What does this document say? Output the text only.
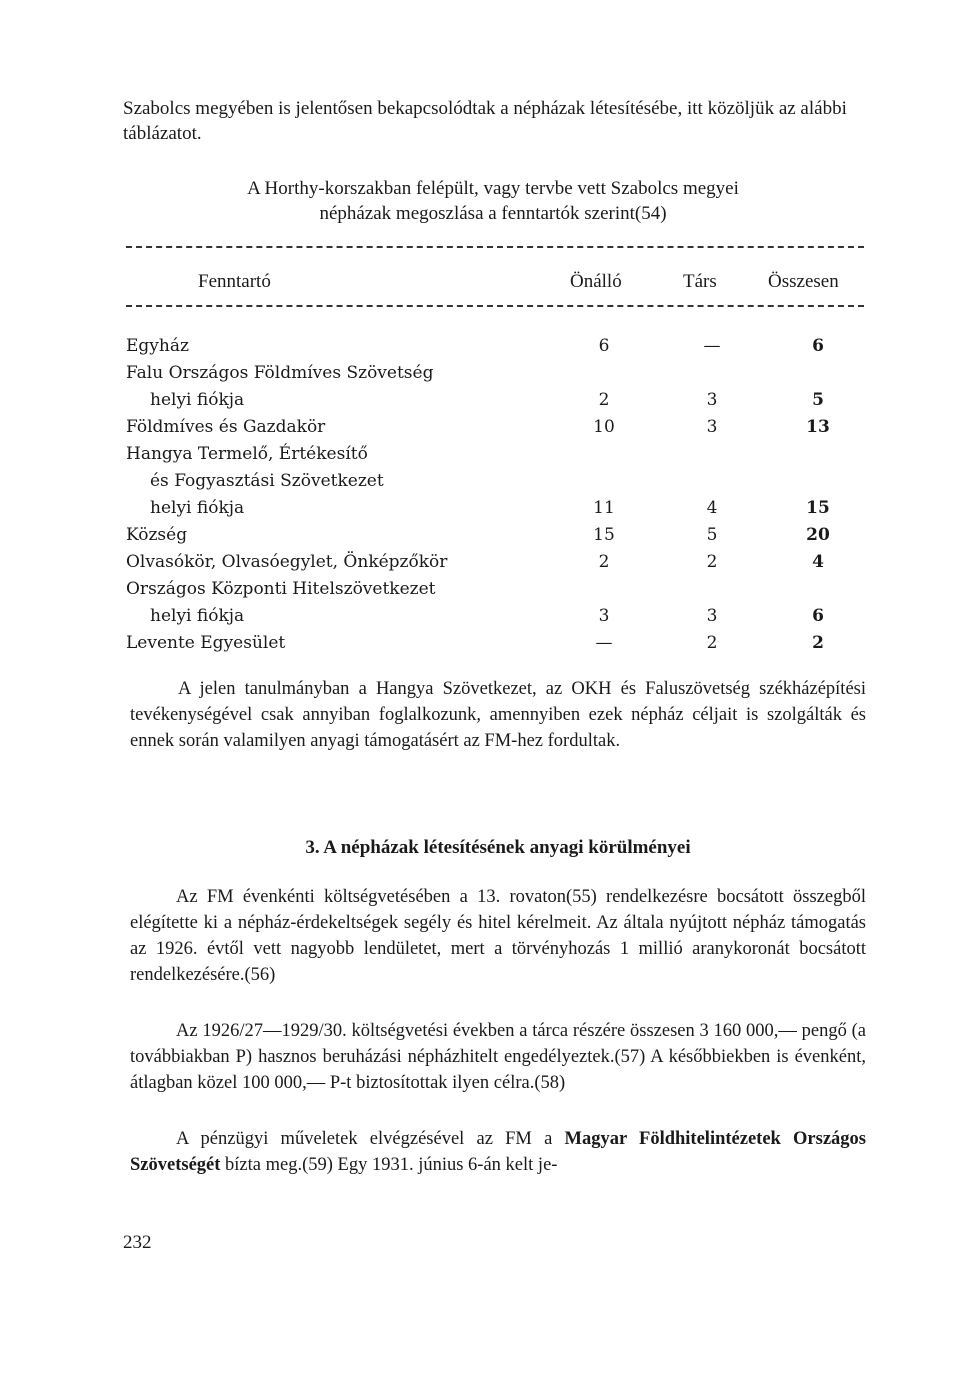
Szabolcs megyében is jelentősen bekapcsolódtak a népházak létesítésébe, itt közöljük az alábbi táblázatot.

A Horthy-korszakban felépült, vagy tervbe vett Szabolcs megyei
népházak megoszlása a fenntartók szerint(54)

Fenntartó	Önálló	Társ	Összesen

Egyház	6	—	6
Falu Országos Földmíves Szövetség
helyi fiókja	2	3	5
Földmíves és Gazdakör	10	3	13
Hangya Termelő, Értékesítő
és Fogyasztási Szövetkezet
helyi fiókja	11	4	15
Község	15	5	20
Olvasókör, Olvasóegylet, Önképzőkör	2	2	4
Országos Központi Hitelszövetkezet
helyi fiókja	3	3	6
Levente Egyesület	—	2	2

A jelen tanulmányban a Hangya Szövetkezet, az OKH és Faluszövetség székházépítési tevékenységével csak annyiban foglalkozunk, amennyiben ezek népház céljait is szolgálták és ennek során valamilyen anyagi támogatásért az FM-hez fordultak.

3. A népházak létesítésének anyagi körülményei

Az FM évenkénti költségvetésében a 13. rovaton(55) rendelkezésre bocsátott összegből elégítette ki a népház-érdekeltségek segély és hitel kérelmeit. Az általa nyújtott népház támogatás az 1926. évtől vett nagyobb lendületet, mert a törvényhozás 1 millió aranykoronát bocsátott rendelkezésére.(56)

Az 1926/27—1929/30. költségvetési években a tárca részére összesen 3 160 000,— pengő (a továbbiakban P) hasznos beruházási népházhitelt engedélyeztek.(57) A későbbiekben is évenként, átlagban közel 100 000,— P-t biztosítottak ilyen célra.(58)

A pénzügyi műveletek elvégzésével az FM a Magyar Földhitelintézetek Országos Szövetségét bízta meg.(59) Egy 1931. június 6-án kelt je-

232
